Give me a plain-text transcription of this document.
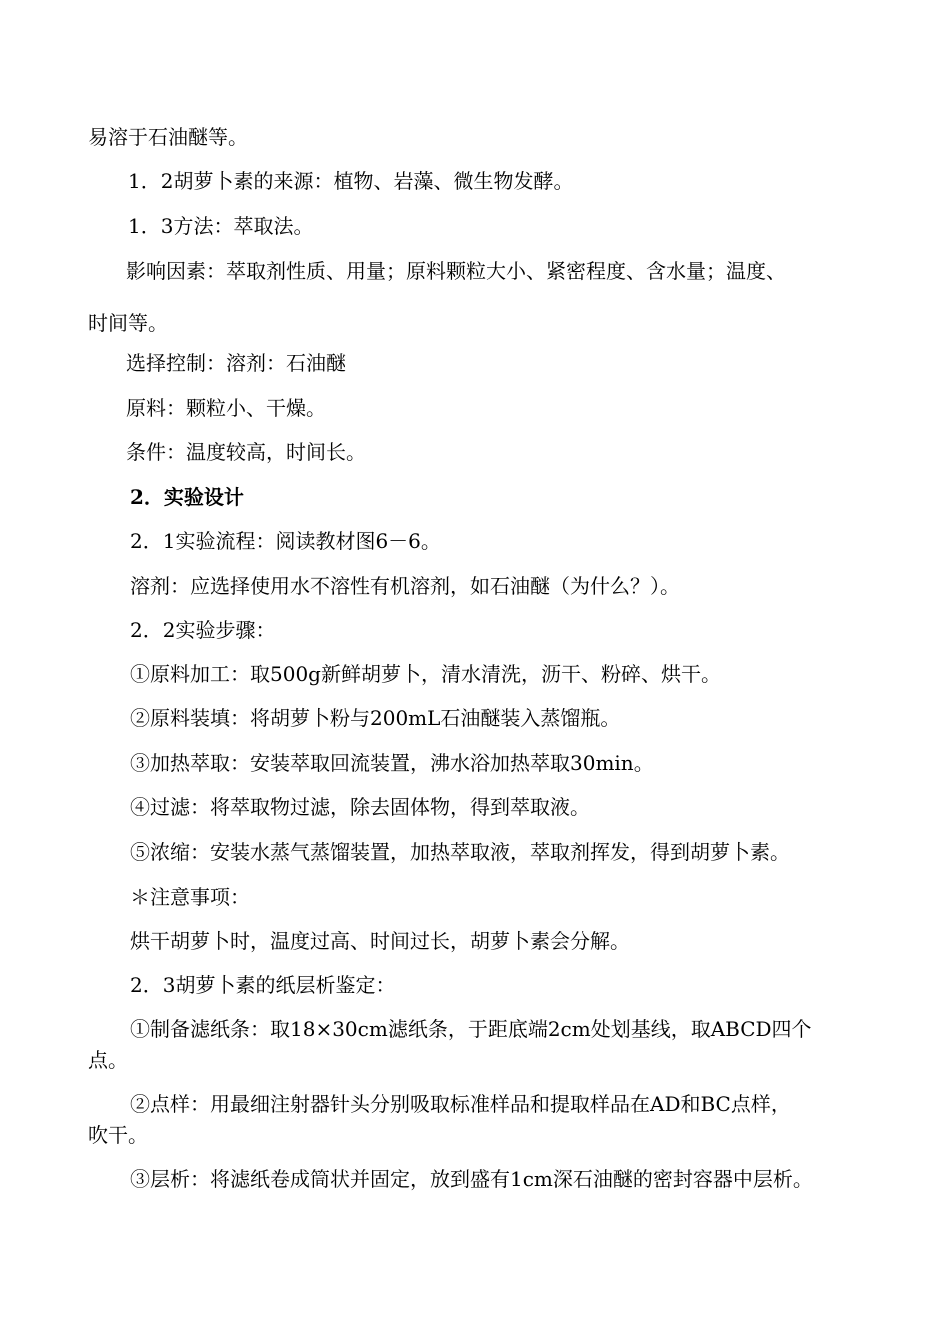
易溶于石油醚等。
1．2胡萝卜素的来源：植物、岩藻、微生物发酵。
1．3方法：萃取法。
影响因素：萃取剂性质、用量；原料颗粒大小、紧密程度、含水量；温度、
时间等。
选择控制：溶剂：石油醚
原料：颗粒小、干燥。
条件：温度较高，时间长。
2．实验设计
2．1实验流程：阅读教材图6－6。
溶剂：应选择使用水不溶性有机溶剂，如石油醚（为什么？）。
2．2实验步骤：
①原料加工：取500g新鲜胡萝卜，清水清洗，沥干、粉碎、烘干。
②原料装填：将胡萝卜粉与200mL石油醚装入蒸馏瓶。
③加热萃取：安装萃取回流装置，沸水浴加热萃取30min。
④过滤：将萃取物过滤，除去固体物，得到萃取液。
⑤浓缩：安装水蒸气蒸馏装置，加热萃取液，萃取剂挥发，得到胡萝卜素。
＊注意事项：
烘干胡萝卜时，温度过高、时间过长，胡萝卜素会分解。
2．3胡萝卜素的纸层析鉴定：
①制备滤纸条：取18×30cm滤纸条，于距底端2cm处划基线，取ABCD四个
点。
②点样：用最细注射器针头分别吸取标准样品和提取样品在AD和BC点样，
吹干。
③层析：将滤纸卷成筒状并固定，放到盛有1cm深石油醚的密封容器中层析。
